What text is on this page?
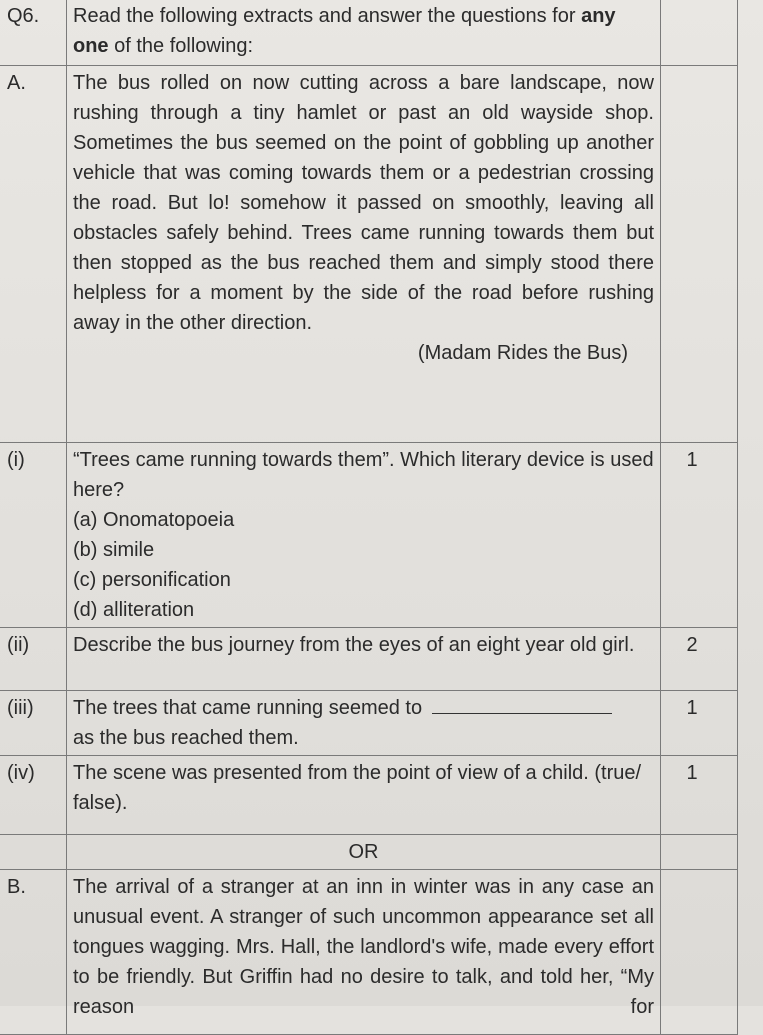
Q6.	Read the following extracts and answer the questions for any one of the following:	
A.	The bus rolled on now cutting across a bare landscape, now rushing through a tiny hamlet or past an old wayside shop. Sometimes the bus seemed on the point of gobbling up another vehicle that was coming towards them or a pedestrian crossing the road. But lo! somehow it passed on smoothly, leaving all obstacles safely behind. Trees came running towards them but then stopped as the bus reached them and simply stood there helpless for a moment by the side of the road before rushing away in the other direction.
(Madam Rides the Bus)	

(i)	“Trees came running towards them”. Which literary device is used here?
(a) Onomatopoeia
(b) simile
(c) personification
(d) alliteration	1
(ii)	Describe the bus journey from the eyes of an eight year old girl.	2
(iii)	The trees that came running seemed to
as the bus reached them.	1
(iv)	The scene was presented from the point of view of a child. (true/ false).	1
	OR	
B.	The arrival of a stranger at an inn in winter was in any case an unusual event. A stranger of such uncommon appearance set all tongues wagging. Mrs. Hall, the landlord's wife, made every effort to be friendly. But Griffin had no desire to talk, and told her, “My reason for	
